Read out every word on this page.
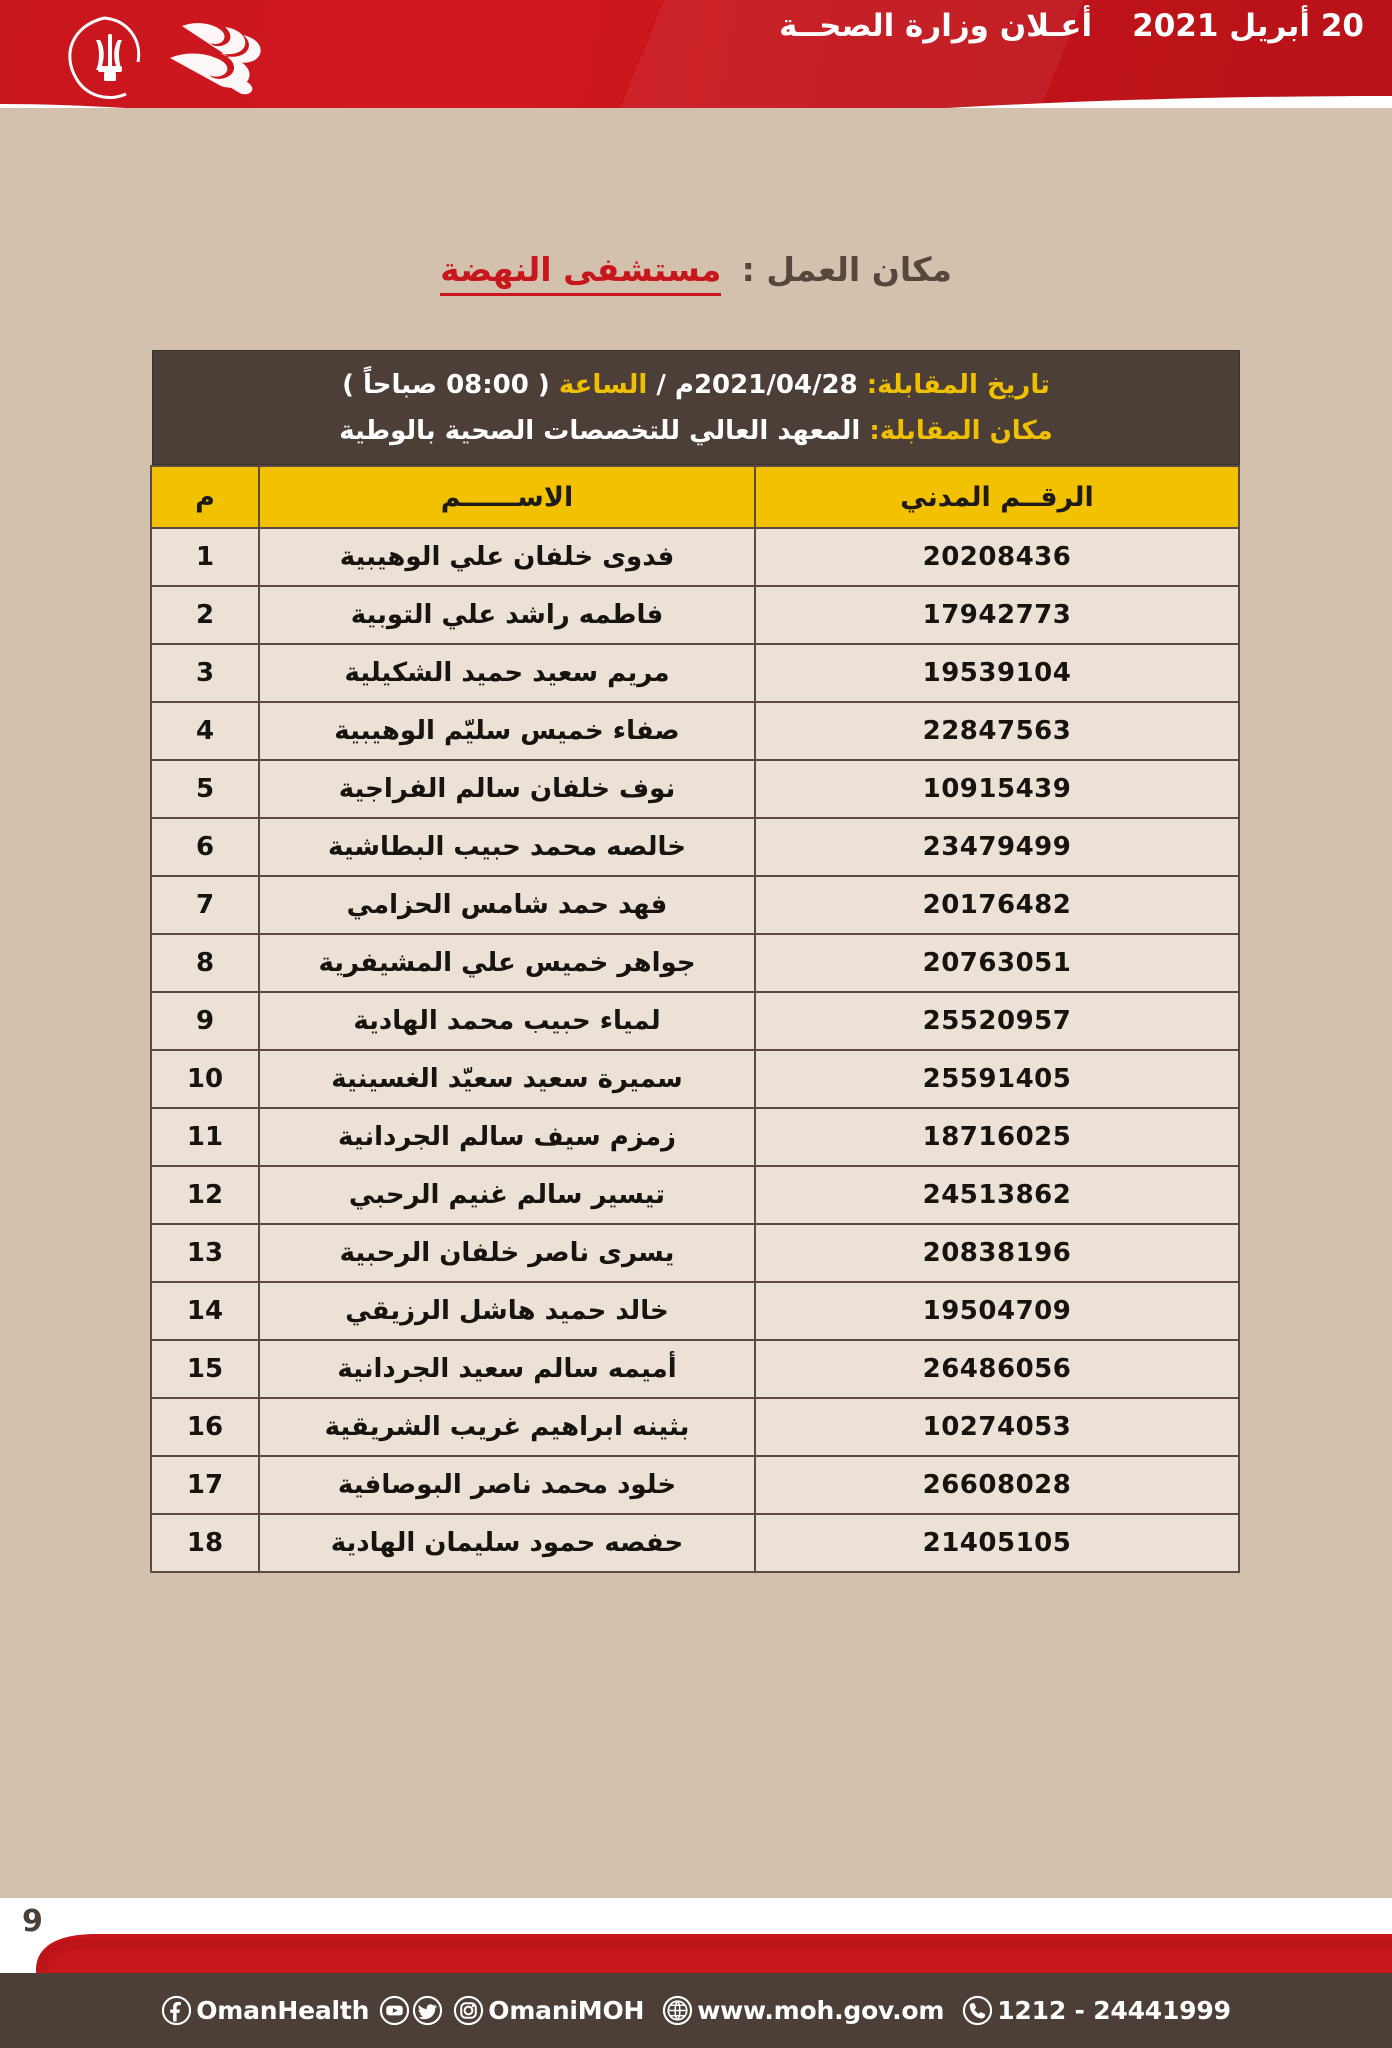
20 أبريل 2021
أعـلان وزارة الصحــة
مكان العمل :    مستشفى النهضة
تاريخ المقابلة: 2021/04/28م / الساعة ( 08:00 صباحاً )
مكان المقابلة: المعهد العالي للتخصصات الصحية بالوطية
الرقــم المدني	الاســــــم	م
20208436	فدوى خلفان علي الوهيبية	1
17942773	فاطمه راشد علي التوبية	2
19539104	مريم سعيد حميد الشكيلية	3
22847563	صفاء خميس سليّم الوهيبية	4
10915439	نوف خلفان سالم الفراجية	5
23479499	خالصه محمد حبيب البطاشية	6
20176482	فهد حمد شامس الحزامي	7
20763051	جواهر خميس علي المشيفرية	8
25520957	لمياء حبيب محمد الهادية	9
25591405	سميرة سعيد سعيّد الغسينية	10
18716025	زمزم سيف سالم الجردانية	11
24513862	تيسير سالم غنيم الرحبي	12
20838196	يسرى ناصر خلفان الرحبية	13
19504709	خالد حميد هاشل الرزيقي	14
26486056	أميمه سالم سعيد الجردانية	15
10274053	بثينه ابراهيم غريب الشريقية	16
26608028	خلود محمد ناصر البوصافية	17
21405105	حفصه حمود سليمان الهادية	18
9
OmanHealth	OmaniMOH www.moh.gov.om 1212 - 24441999
